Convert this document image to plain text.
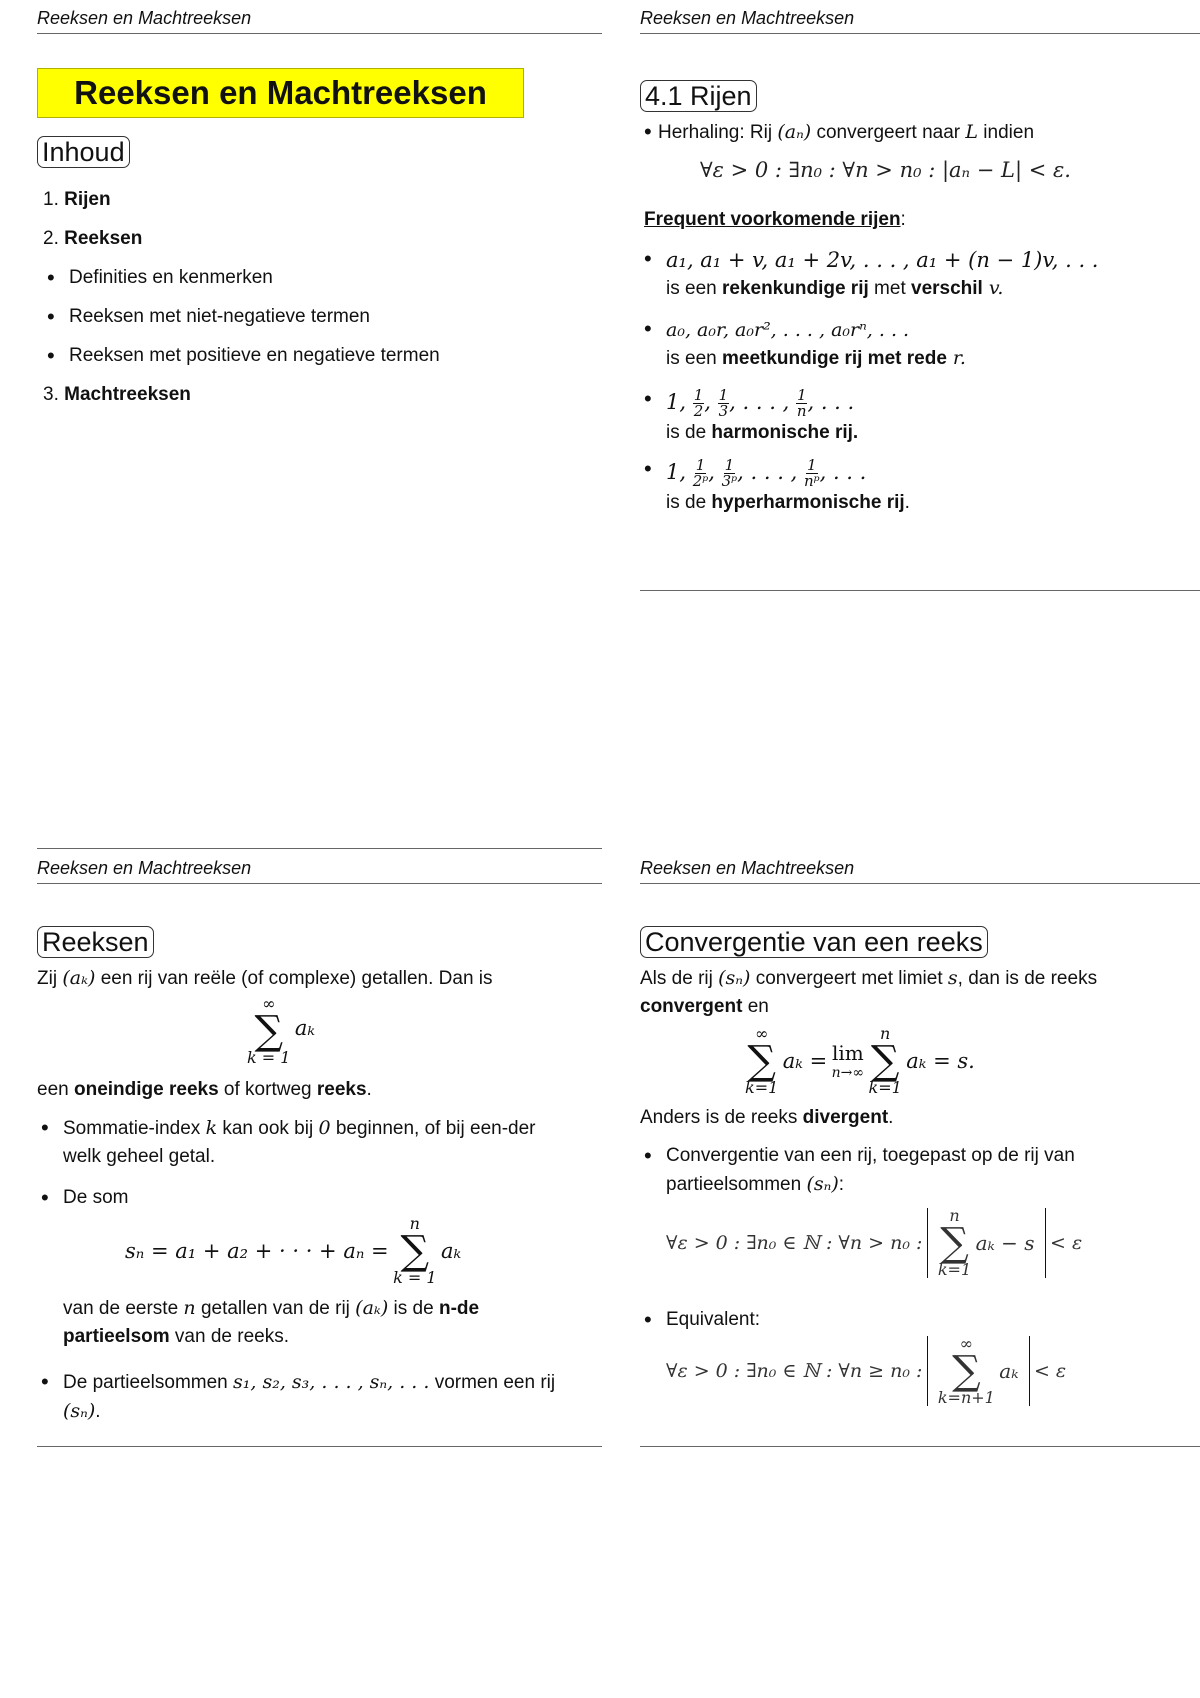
Reeksen en Machtreeksen
Reeksen en Machtreeksen
Inhoud
1. Rijen
2. Reeksen
• Definities en kenmerken
• Reeksen met niet-negatieve termen
• Reeksen met positieve en negatieve termen
3. Machtreeksen
Reeksen en Machtreeksen
4.1 Rijen
• Herhaling: Rij (aₙ) convergeert naar L indien
∀ε > 0 : ∃n₀ : ∀n > n₀ : |aₙ − L| < ε.
Frequent voorkomende rijen:
• a₁, a₁ + v, a₁ + 2v, . . . , a₁ + (n − 1)v, . . .
is een rekenkundige rij met verschil v.
• a₀, a₀r, a₀r², . . . , a₀rⁿ, . . .
is een meetkundige rij met rede r.
• 1, $\frac{1}{2}$ , $\frac{1}{3}$ , . . . , $\frac{1}{n}$ , . . .
is de harmonische rij.
• 1, $\frac{1}{\text{2ᵖ}}$ , $\frac{1}{\text{3ᵖ}}$ , . . . , $\frac{1}{\text{nᵖ}}$ , . . .
is de hyperharmonische rij.
Reeksen en Machtreeksen
Reeksen
Zij (aₖ) een rij van reële (of complexe) getallen. Dan is
∞
∑
k = 1
aₖ
een oneindige reeks of kortweg reeks.
• Sommatie-index k kan ook bij 0 beginnen, of bij een-der welk geheel getal.
• De som
sₙ = a₁ + a₂ + · · · + aₙ =
n
∑
k = 1
aₖ
van de eerste n getallen van de rij (aₖ) is de n-de partieelsom van de reeks.
• De partieelsommen s₁, s₂, s₃, . . . , sₙ, . . . vormen een rij (sₙ).
Reeksen en Machtreeksen
Convergentie van een reeks
Als de rij (sₙ) convergeert met limiet s, dan is de reeks
convergent en
∞
∑
k=1
aₖ = lim
n→∞

n
∑
k=1
aₖ = s.
Anders is de reeks divergent.
• Convergentie van een rij, toegepast op de rij van partieelsommen (sₙ):
∀ε > 0 : ∃n₀ ∈ ℕ : ∀n > n₀ :
n
∑
k=1
aₖ − s < ε
• Equivalent:
∀ε > 0 : ∃n₀ ∈ ℕ : ∀n ≥ n₀ :
∞
∑
k=n+1
aₖ < ε
